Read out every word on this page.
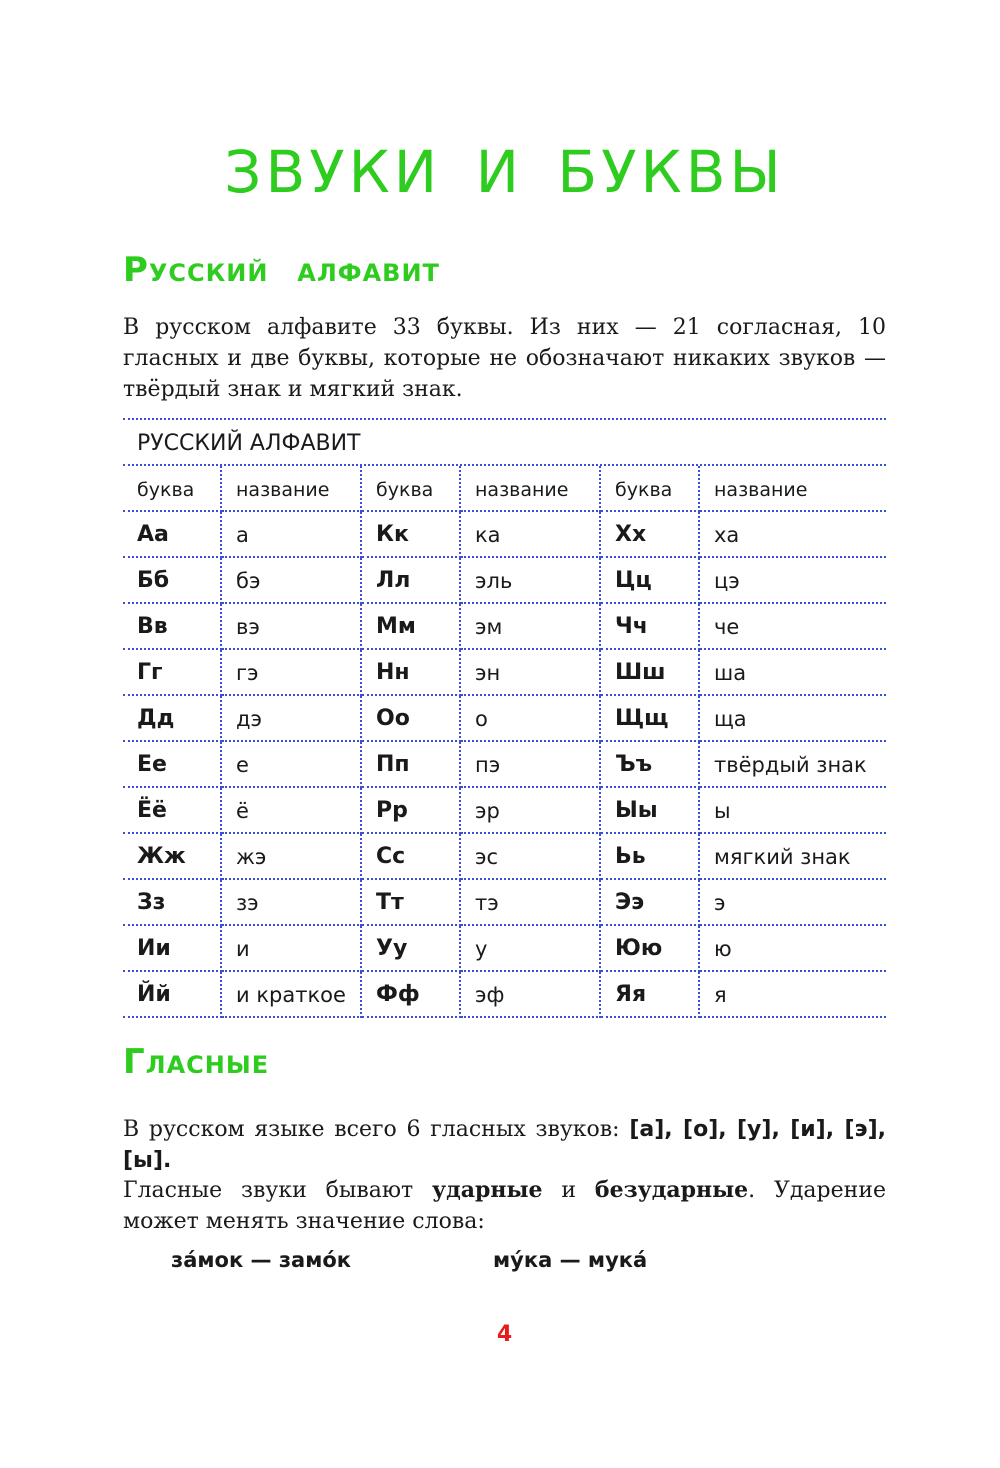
ЗВУКИ И БУКВЫ
Русский алфавит

В русском алфавите 33 буквы. Из них — 21 согласная, 10 гласных и две буквы, которые не обозначают никаких звуков — твёрдый знак и мягкий знак.

РУССКИЙ АЛФАВИТ
буква	название	буква	название	буква	название
Аа	а	Кк	ка	Хх	ха
Бб	бэ	Лл	эль	Цц	цэ
Вв	вэ	Мм	эм	Чч	че
Гг	гэ	Нн	эн	Шш	ша
Дд	дэ	Оо	о	Щщ	ща
Ее	е	Пп	пэ	Ъъ	твёрдый знак
Ёё	ё	Рр	эр	Ыы	ы
Жж	жэ	Сс	эс	Ьь	мягкий знак
Зз	зэ	Тт	тэ	Ээ	э
Ии	и	Уу	у	Юю	ю
Йй	и краткое	Фф	эф	Яя	я
Гласные

В русском языке всего 6 гласных звуков: [а], [о], [у], [и], [э], [ы].

Гласные звуки бывают ударные и безударные. Ударение может менять значение слова:

за́мок — замо́к	му́ка — мука́
4
